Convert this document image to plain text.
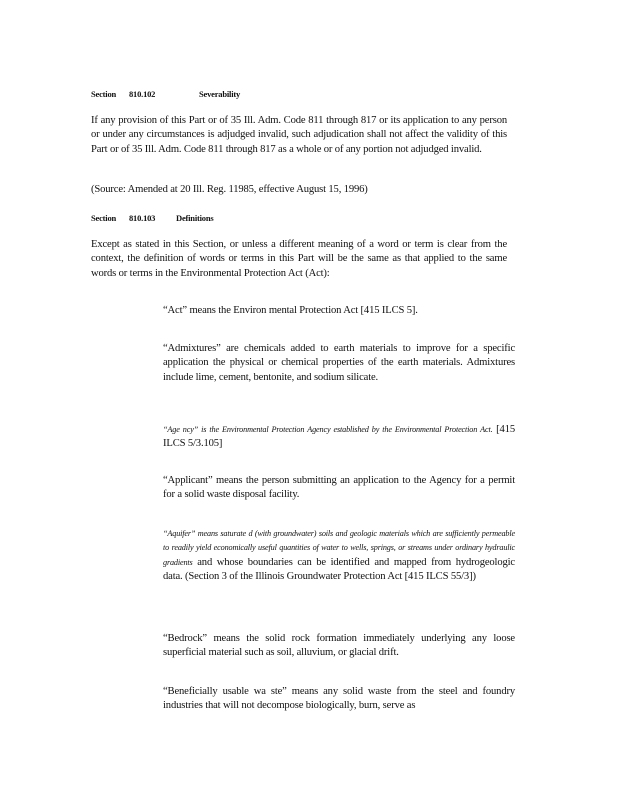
Section 810.102	Severability
If any provision of this Part or of 35 Ill. Adm. Code 811 through 817 or its application to any person or under any circumstances is adjudged invalid, such adjudication shall not affect the validity of this Part or of 35 Ill. Adm. Code 811 through 817 as a whole or of any portion not adjudged invalid.
(Source: Amended at 20 Ill. Reg. 11985, effective August 15, 1996)
Section 810.103 Definitions
Except as stated in this Section, or unless a different meaning of a word or term is clear from the context, the definition of words or terms in this Part will be the same as that applied to the same words or terms in the Environmental Protection Act (Act):
“Act” means the Environ mental Protection Act [415 ILCS 5].
“Admixtures” are chemicals added to earth materials to improve for a specific application the physical or chemical properties of the earth materials. Admixtures include lime, cement, bentonite, and sodium silicate.
“Age ncy” is the Environmental Protection Agency established by the Environmental Protection Act. [415 ILCS 5/3.105]
“Applicant” means the person submitting an application to the Agency for a permit for a solid waste disposal facility.
“Aquifer” means saturate d (with groundwater) soils and geologic materials which are sufficiently permeable to readily yield economically useful quantities of water to wells, springs, or streams under ordinary hydraulic gradients and whose boundaries can be identified and mapped from hydrogeologic data. (Section 3 of the Illinois Groundwater Protection Act [415 ILCS 55/3])
“Bedrock” means the solid rock formation immediately underlying any loose superficial material such as soil, alluvium, or glacial drift.
“Beneficially usable wa ste” means any solid waste from the steel and foundry industries that will not decompose biologically, burn, serve as
